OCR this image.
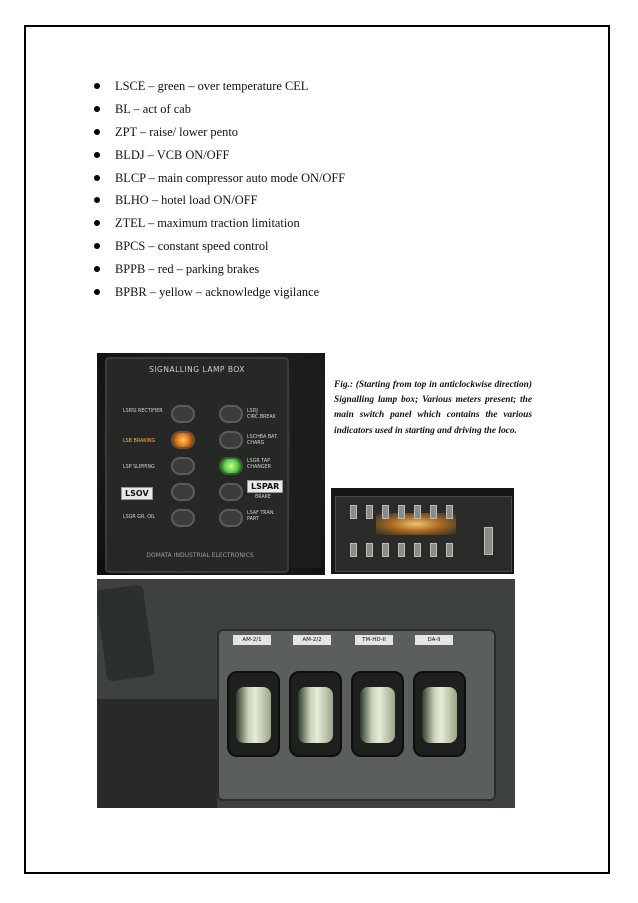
LSCE – green – over temperature CEL
BL – act of cab
ZPT – raise/ lower pento
BLDJ – VCB ON/OFF
BLCP – main compressor auto mode ON/OFF
BLHO – hotel load ON/OFF
ZTEL – maximum traction limitation
BPCS – constant speed control
BPPB – red – parking brakes
BPBR – yellow – acknowledge vigilance
SIGNALLING LAMP BOX
LSRSI RECTIFIER
LSB BRAKING
LSP SLIPPING
LSOV
LSGR GR. OIL
LSDJ CIRC.BREAK
LSCHBA BAT. CHARG
LSGR TAP CHANGER
LSPAR
BRAKE
LSAF TRAN. PART
DOMATA INDUSTRIAL ELECTRONICS
Fig.: (Starting from top in anticlockwise direction) Signalling lamp box; Various meters present; the main switch panel which contains the various indicators used in starting and driving the loco.
AM-2/1	AM-2/2	TM-HD-II	DA-II
